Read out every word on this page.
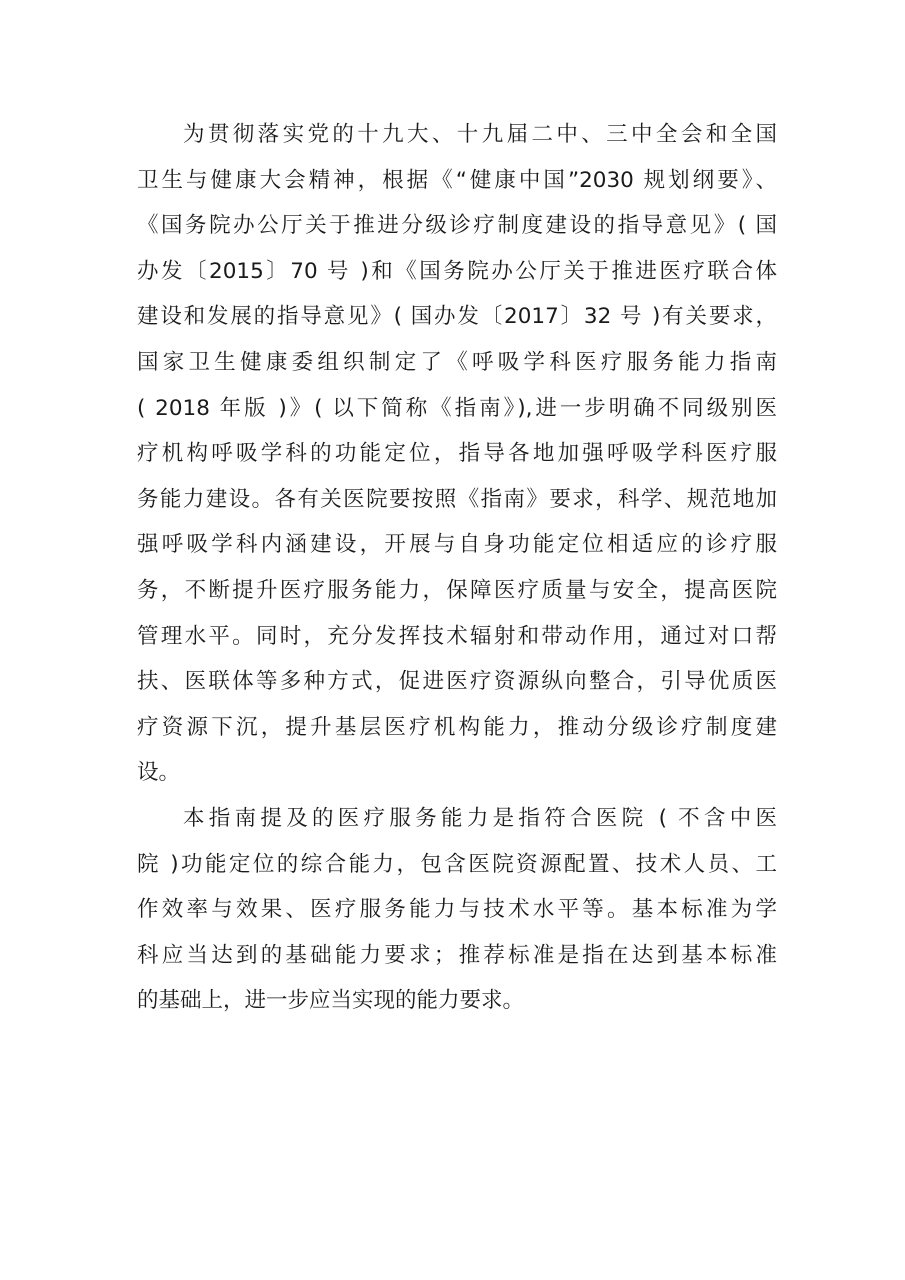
为贯彻落实党的十九大、十九届二中、三中全会和全国
卫生与健康大会精神，根据《“健康中国”2030 规划纲要》、
《国务院办公厅关于推进分级诊疗制度建设的指导意见》( 国
办发〔2015〕70 号 )和《国务院办公厅关于推进医疗联合体
建设和发展的指导意见》( 国办发〔2017〕32 号 )有关要求，
国家卫生健康委组织制定了《呼吸学科医疗服务能力指南
( 2018 年版 )》( 以下简称《指南》),进一步明确不同级别医
疗机构呼吸学科的功能定位，指导各地加强呼吸学科医疗服
务能力建设。各有关医院要按照《指南》要求，科学、规范地加
强呼吸学科内涵建设，开展与自身功能定位相适应的诊疗服
务，不断提升医疗服务能力，保障医疗质量与安全，提高医院
管理水平。同时，充分发挥技术辐射和带动作用，通过对口帮
扶、医联体等多种方式，促进医疗资源纵向整合，引导优质医
疗资源下沉，提升基层医疗机构能力，推动分级诊疗制度建
设。
本指南提及的医疗服务能力是指符合医院 ( 不含中医
院 )功能定位的综合能力，包含医院资源配置、技术人员、工
作效率与效果、医疗服务能力与技术水平等。基本标准为学
科应当达到的基础能力要求；推荐标准是指在达到基本标准
的基础上，进一步应当实现的能力要求。
